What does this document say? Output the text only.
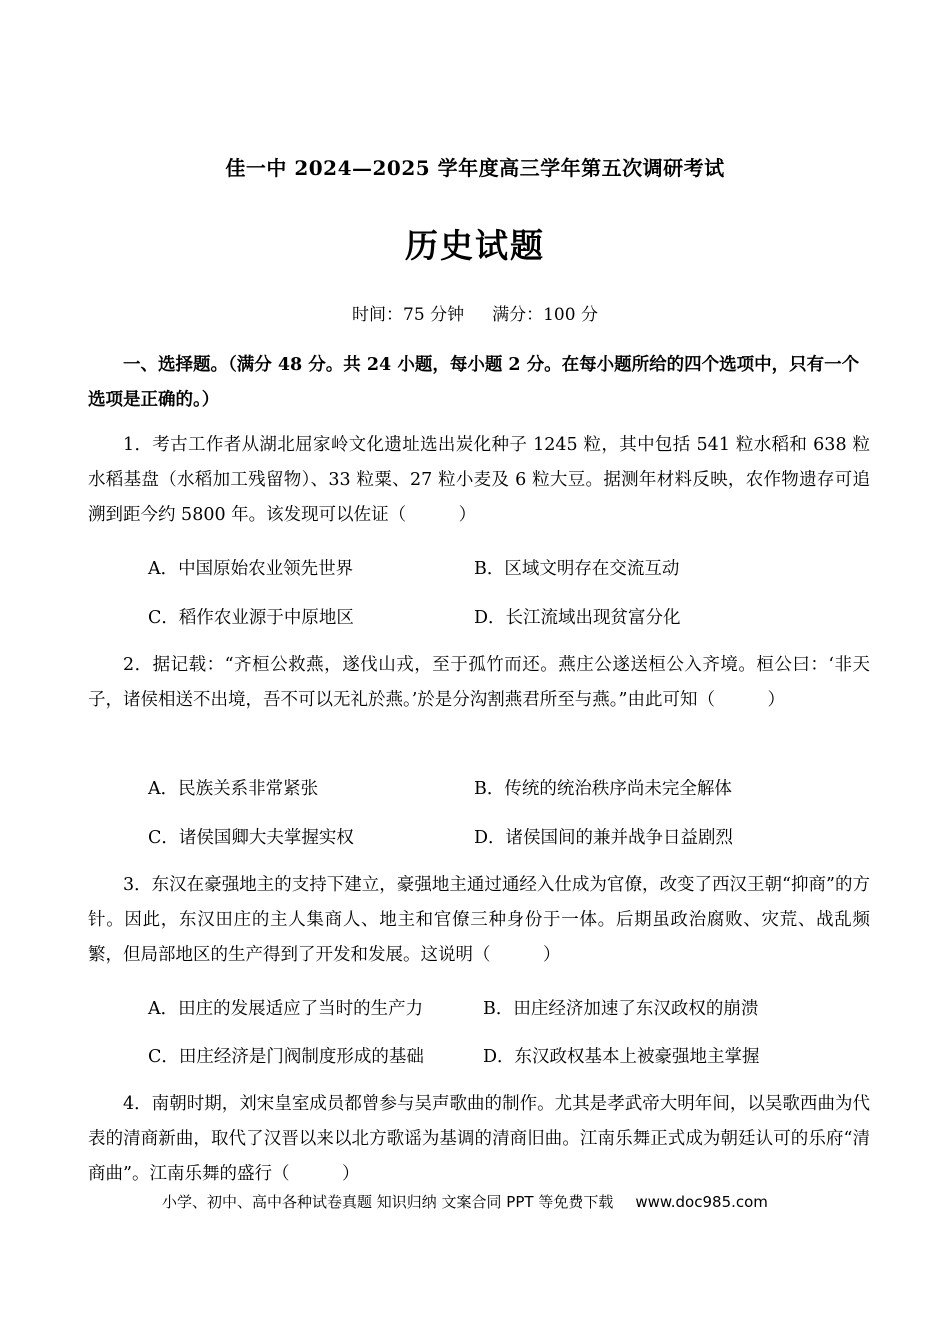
佳一中 2024—2025 学年度高三学年第五次调研考试
历史试题
时间：75 分钟 满分：100 分
一、选择题。（满分 48 分。共 24 小题，每小题 2 分。在每小题所给的四个选项中，只有一个选项是正确的。）
1．考古工作者从湖北屈家岭文化遗址选出炭化种子 1245 粒，其中包括 541 粒水稻和 638 粒水稻基盘（水稻加工残留物）、33 粒粟、27 粒小麦及 6 粒大豆。据测年材料反映，农作物遗存可追溯到距今约 5800 年。该发现可以佐证（　　　）
A．中国原始农业领先世界	B．区域文明存在交流互动
C．稻作农业源于中原地区	D．长江流域出现贫富分化
2．据记载：“齐桓公救燕，遂伐山戎，至于孤竹而还。燕庄公遂送桓公入齐境。桓公曰：‘非天子，诸侯相送不出境，吾不可以无礼於燕。’於是分沟割燕君所至与燕。”由此可知（　　　）
A．民族关系非常紧张	B．传统的统治秩序尚未完全解体
C．诸侯国卿大夫掌握实权	D．诸侯国间的兼并战争日益剧烈
3．东汉在豪强地主的支持下建立，豪强地主通过通经入仕成为官僚，改变了西汉王朝“抑商”的方针。因此，东汉田庄的主人集商人、地主和官僚三种身份于一体。后期虽政治腐败、灾荒、战乱频繁，但局部地区的生产得到了开发和发展。这说明（　　　）
A．田庄的发展适应了当时的生产力	B．田庄经济加速了东汉政权的崩溃
C．田庄经济是门阀制度形成的基础	D．东汉政权基本上被豪强地主掌握
4．南朝时期，刘宋皇室成员都曾参与吴声歌曲的制作。尤其是孝武帝大明年间，以吴歌西曲为代表的清商新曲，取代了汉晋以来以北方歌谣为基调的清商旧曲。江南乐舞正式成为朝廷认可的乐府“清商曲”。江南乐舞的盛行（　　　）
小学、初中、高中各种试卷真题 知识归纳 文案合同 PPT 等免费下载 www.doc985.com
